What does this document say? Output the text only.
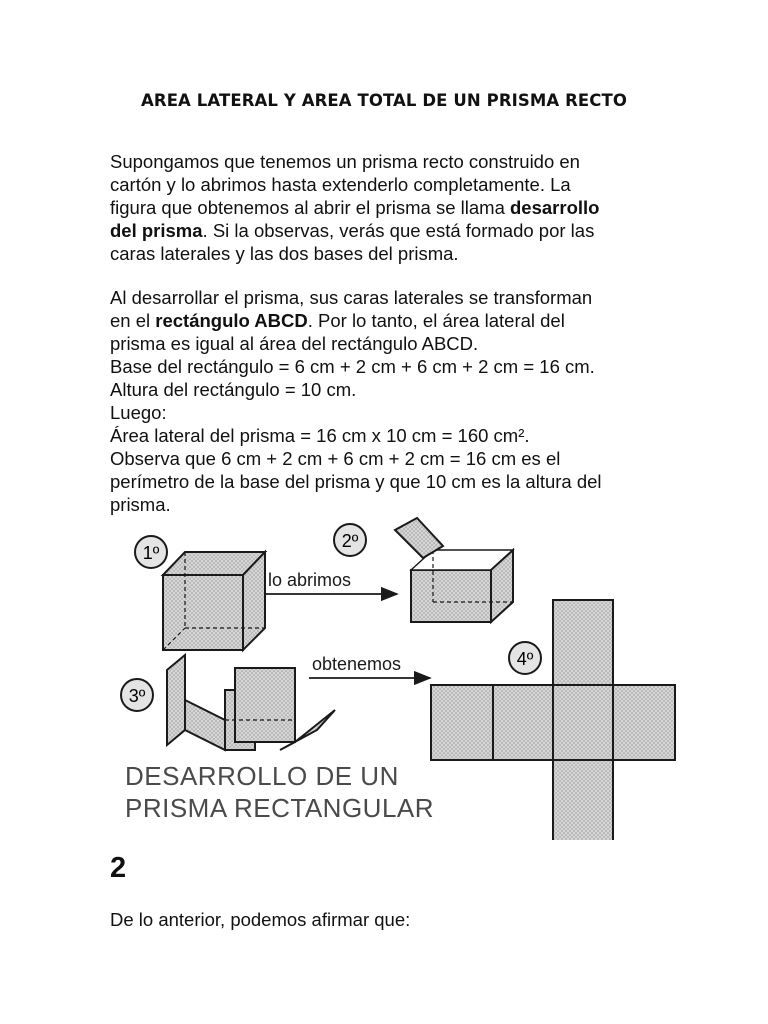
AREA LATERAL Y AREA TOTAL DE UN PRISMA RECTO
Supongamos que tenemos un prisma recto construido en
cartón y lo abrimos hasta extenderlo completamente. La
figura que obtenemos al abrir el prisma se llama desarrollo
del prisma. Si la observas, verás que está formado por las
caras laterales y las dos bases del prisma.
Al desarrollar el prisma, sus caras laterales se transforman
en el rectángulo ABCD. Por lo tanto, el área lateral del
prisma es igual al área del rectángulo ABCD.
Base del rectángulo = 6 cm + 2 cm + 6 cm + 2 cm = 16 cm.
Altura del rectángulo = 10 cm.
Luego:
Área lateral del prisma = 16 cm x 10 cm = 160 cm².
Observa que 6 cm + 2 cm + 6 cm + 2 cm = 16 cm es el
perímetro de la base del prisma y que 10 cm es la altura del
prisma.
1º
lo abrimos
2º
3º
obtenemos	4º
DESARROLLO DE UN
PRISMA RECTANGULAR
2
De lo anterior, podemos afirmar que:
